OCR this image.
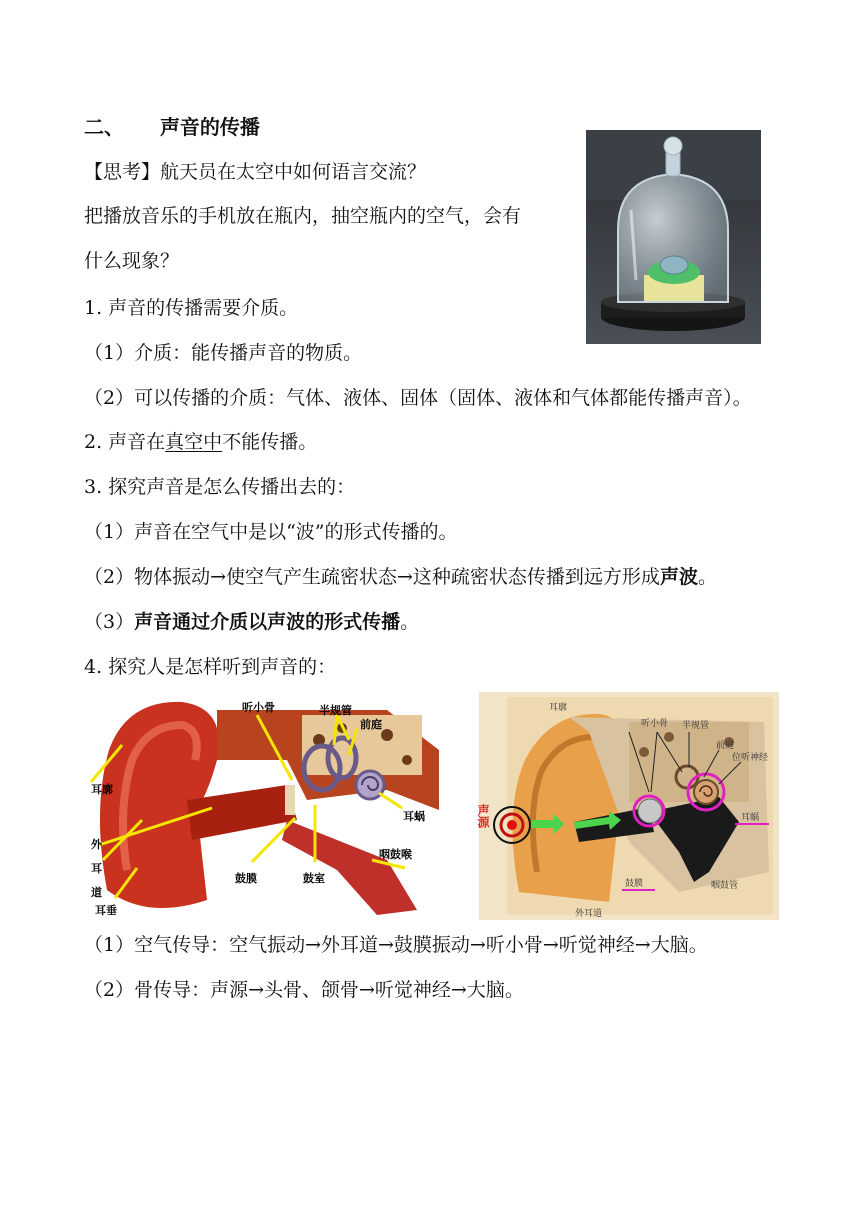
二、 声音的传播
【思考】航天员在太空中如何语言交流？
把播放音乐的手机放在瓶内，抽空瓶内的空气，会有
什么现象？
1. 声音的传播需要介质。
（1）介质：能传播声音的物质。
（2）可以传播的介质：气体、液体、固体（固体、液体和气体都能传播声音）。
2. 声音在真空中不能传播。
3. 探究声音是怎么传播出去的：
（1）声音在空气中是以“波”的形式传播的。
（2）物体振动→使空气产生疏密状态→这种疏密状态传播到远方形成声波。
（3）声音通过介质以声波的形式传播。
4. 探究人是怎样听到声音的：
听小骨	半规管
前庭
耳廓
耳蜗
咽鼓喉
外
耳
道
耳垂
鼓膜	鼓室
耳廓
听小骨 半规管
前庭
位听神经
耳蜗
鼓膜	咽鼓管
外耳道
声源
（1）空气传导：空气振动→外耳道→鼓膜振动→听小骨→听觉神经→大脑。
（2）骨传导：声源→头骨、颌骨→听觉神经→大脑。
